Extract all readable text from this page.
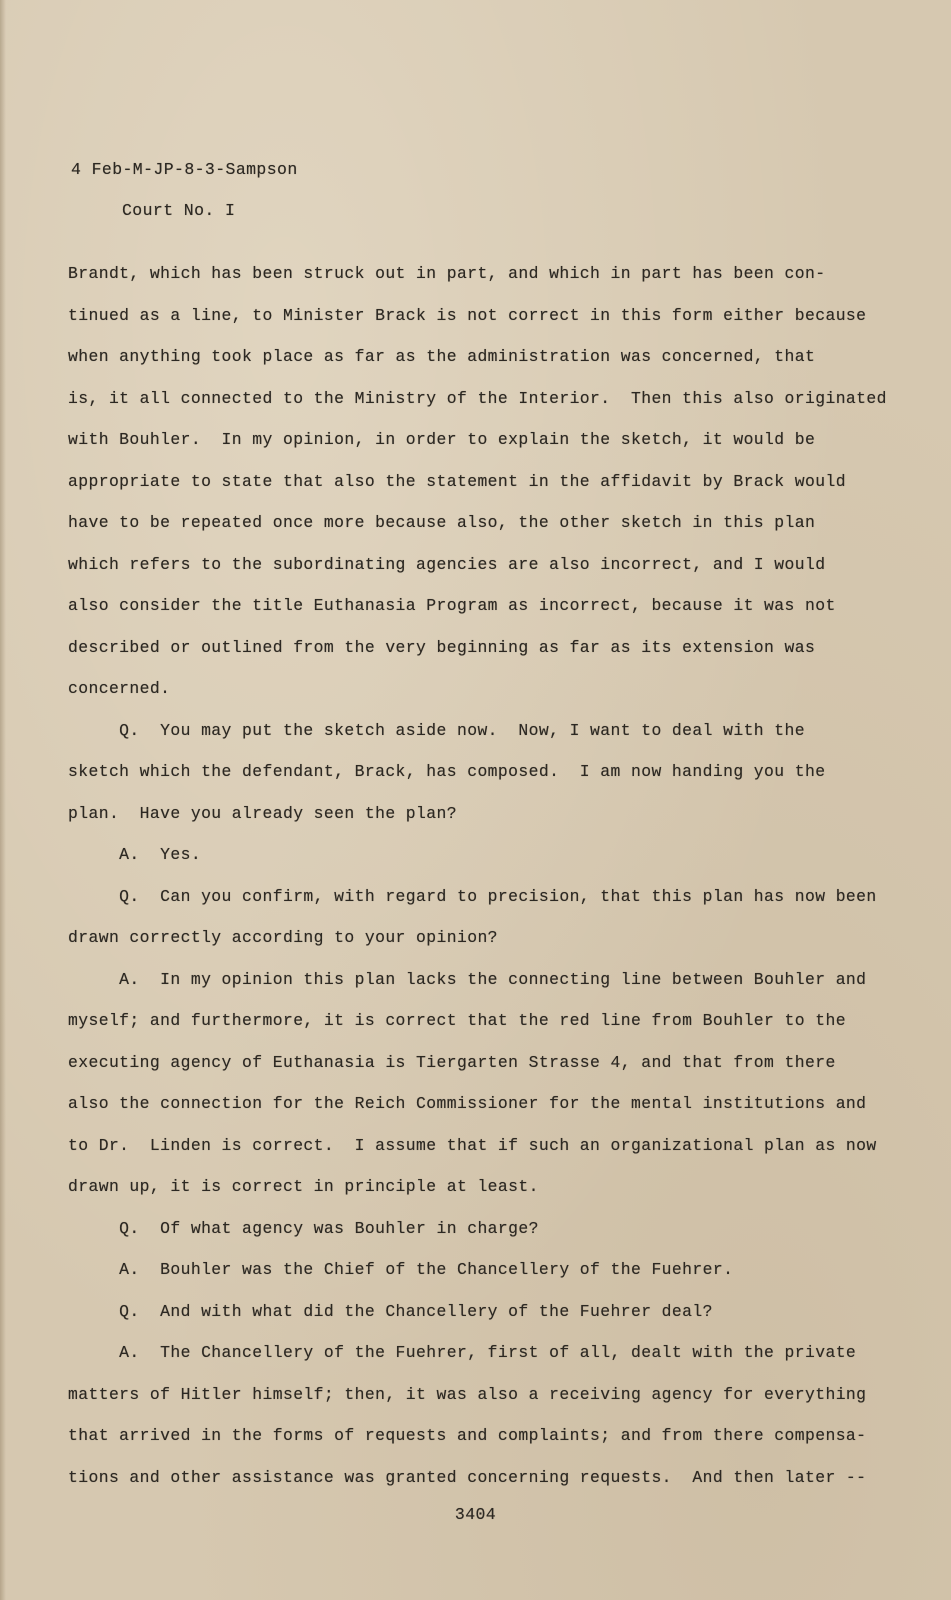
4 Feb-M-JP-8-3-Sampson
Court No. I
Brandt, which has been struck out in part, and which in part has been con-
tinued as a line, to Minister Brack is not correct in this form either because
when anything took place as far as the administration was concerned, that
is, it all connected to the Ministry of the Interior.  Then this also originated
with Bouhler.  In my opinion, in order to explain the sketch, it would be
appropriate to state that also the statement in the affidavit by Brack would
have to be repeated once more because also, the other sketch in this plan
which refers to the subordinating agencies are also incorrect, and I would
also consider the title Euthanasia Program as incorrect, because it was not
described or outlined from the very beginning as far as its extension was
concerned.
Q.  You may put the sketch aside now.  Now, I want to deal with the
sketch which the defendant, Brack, has composed.  I am now handing you the
plan.  Have you already seen the plan?
A.  Yes.
Q.  Can you confirm, with regard to precision, that this plan has now been
drawn correctly according to your opinion?
A.  In my opinion this plan lacks the connecting line between Bouhler and
myself; and furthermore, it is correct that the red line from Bouhler to the
executing agency of Euthanasia is Tiergarten Strasse 4, and that from there
also the connection for the Reich Commissioner for the mental institutions and
to Dr.  Linden is correct.  I assume that if such an organizational plan as now
drawn up, it is correct in principle at least.
Q.  Of what agency was Bouhler in charge?
A.  Bouhler was the Chief of the Chancellery of the Fuehrer.
Q.  And with what did the Chancellery of the Fuehrer deal?
A.  The Chancellery of the Fuehrer, first of all, dealt with the private
matters of Hitler himself; then, it was also a receiving agency for everything
that arrived in the forms of requests and complaints; and from there compensa-
tions and other assistance was granted concerning requests.  And then later --
3404
